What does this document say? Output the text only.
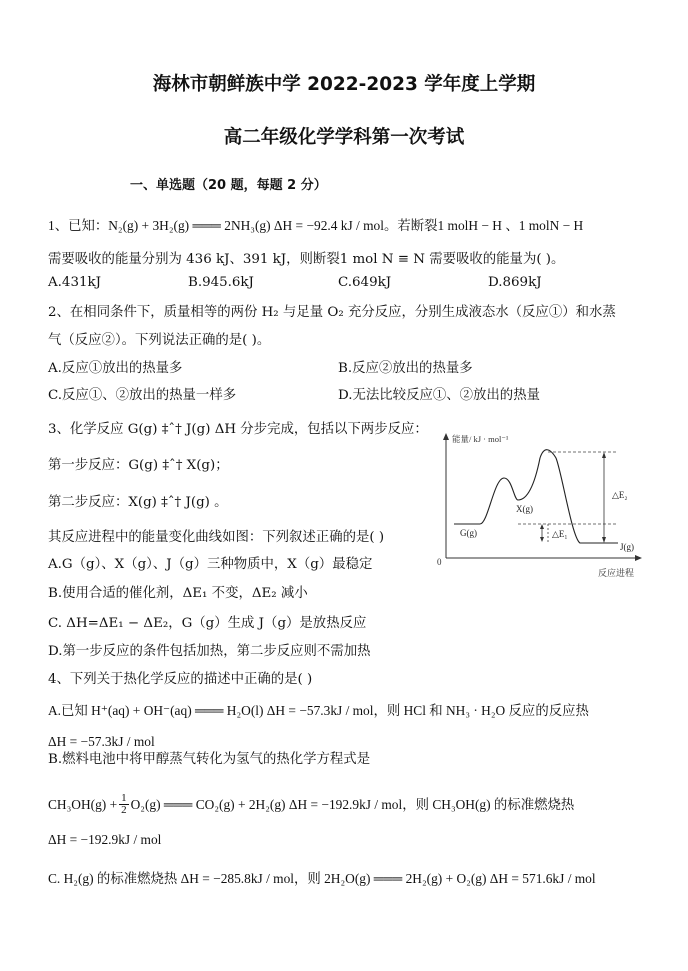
海林市朝鲜族中学 2022-2023 学年度上学期
高二年级化学学科第一次考试
一、单选题（20 题，每题 2 分）
1、已知：N₂(g) + 3H₂(g) ═══ 2NH₃(g) ΔH = −92.4 kJ / mol。若断裂1 molH − H 、1 molN − H
需要吸收的能量分别为 436 kJ、391 kJ，则断裂1 mol N ≡ N 需要吸收的能量为( )。
A.431kJ	B.945.6kJ	C.649kJ	D.869kJ
2、在相同条件下，质量相等的两份 H₂ 与足量 O₂ 充分反应，分别生成液态水（反应①）和水蒸
气（反应②）。下列说法正确的是( )。
A.反应①放出的热量多	B.反应②放出的热量多
C.反应①、②放出的热量一样多	D.无法比较反应①、②放出的热量
3、化学反应 G(g) ‡ˆ† J(g) ΔH 分步完成，包括以下两步反应：
第一步反应：G(g) ‡ˆ† X(g)；
第二步反应：X(g) ‡ˆ† J(g) 。
其反应进程中的能量变化曲线如图：下列叙述正确的是( )
A.G（g）、X（g）、J（g）三种物质中，X（g）最稳定
B.使用合适的催化剂，ΔE₁ 不变，ΔE₂ 减小
C. ΔH=ΔE₁ − ΔE₂，G（g）生成 J（g）是放热反应
D.第一步反应的条件包括加热，第二步反应则不需加热
能量/ kJ · mol⁻¹
反应进程
0
G(g)
X(g)
J(g)
△E₁
△E₂
4、下列关于热化学反应的描述中正确的是( )
A.已知 H⁺(aq) + OH⁻(aq) ═══ H₂O(l) ΔH = −57.3kJ / mol，则 HCl 和 NH₃ · H₂O 反应的反应热
ΔH = −57.3kJ / mol
B.燃料电池中将甲醇蒸气转化为氢气的热化学方程式是
$CH_3OH(g) + \frac{1}{2} O_2(g)$ ═══ CO₂(g) + 2H₂(g) ΔH = −192.9kJ / mol，则 CH₃OH(g) 的标准燃烧热
ΔH = −192.9kJ / mol
C. H₂(g) 的标准燃烧热 ΔH = −285.8kJ / mol，则 2H₂O(g) ═══ 2H₂(g) + O₂(g) ΔH = 571.6kJ / mol
